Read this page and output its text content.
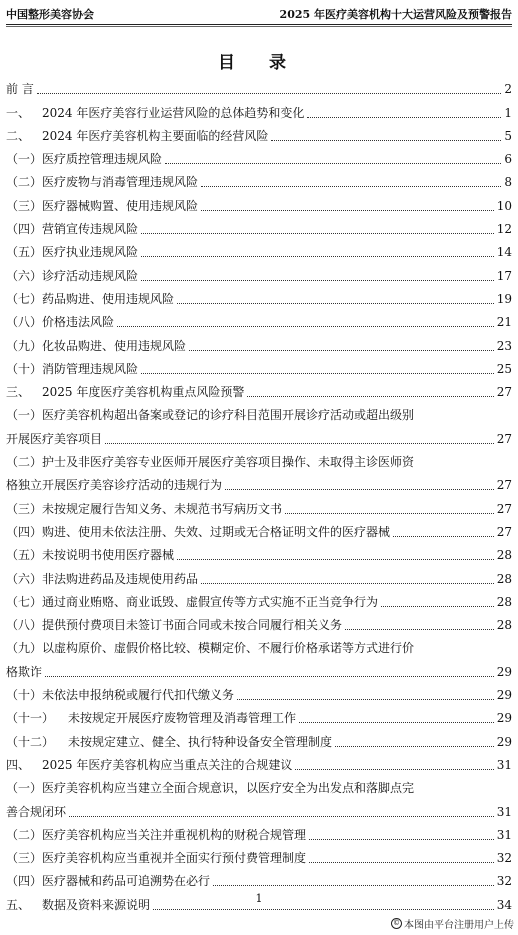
中国整形美容协会	2025 年医疗美容机构十大运营风险及预警报告
目 录
前 言	2
一、 2024 年医疗美容行业运营风险的总体趋势和变化	1
二、 2024 年医疗美容机构主要面临的经营风险	5
（一） 医疗质控管理违规风险	6
（二） 医疗废物与消毒管理违规风险	8
（三） 医疗器械购置、使用违规风险	10
（四） 营销宣传违规风险	12
（五） 医疗执业违规风险	14
（六） 诊疗活动违规风险	17
（七） 药品购进、使用违规风险	19
（八） 价格违法风险	21
（九） 化妆品购进、使用违规风险	23
（十） 消防管理违规风险	25
三、 2025 年度医疗美容机构重点风险预警	27
（一） 医疗美容机构超出备案或登记的诊疗科目范围开展诊疗活动或超出级别
开展医疗美容项目	27
（二） 护士及非医疗美容专业医师开展医疗美容项目操作、未取得主诊医师资
格独立开展医疗美容诊疗活动的违规行为	27
（三） 未按规定履行告知义务、未规范书写病历文书	27
（四） 购进、使用未依法注册、失效、过期或无合格证明文件的医疗器械	27
（五） 未按说明书使用医疗器械	28
（六） 非法购进药品及违规使用药品	28
（七） 通过商业贿赂、商业诋毁、虚假宣传等方式实施不正当竞争行为	28
（八） 提供预付费项目未签订书面合同或未按合同履行相关义务	28
（九） 以虚构原价、虚假价格比较、模糊定价、不履行价格承诺等方式进行价
格欺诈	29
（十） 未依法申报纳税或履行代扣代缴义务	29
（十一）	未按规定开展医疗废物管理及消毒管理工作	29
（十二）	未按规定建立、健全、执行特种设备安全管理制度	29
四、 2025 年医疗美容机构应当重点关注的合规建议	31
（一） 医疗美容机构应当建立全面合规意识，以医疗安全为出发点和落脚点完
善合规闭环	31
（二） 医疗美容机构应当关注并重视机构的财税合规管理	31
（三） 医疗美容机构应当重视并全面实行预付费管理制度	32
（四） 医疗器械和药品可追溯势在必行	32
五、 数据及资料来源说明	34
1
© 本图由平台注册用户上传
